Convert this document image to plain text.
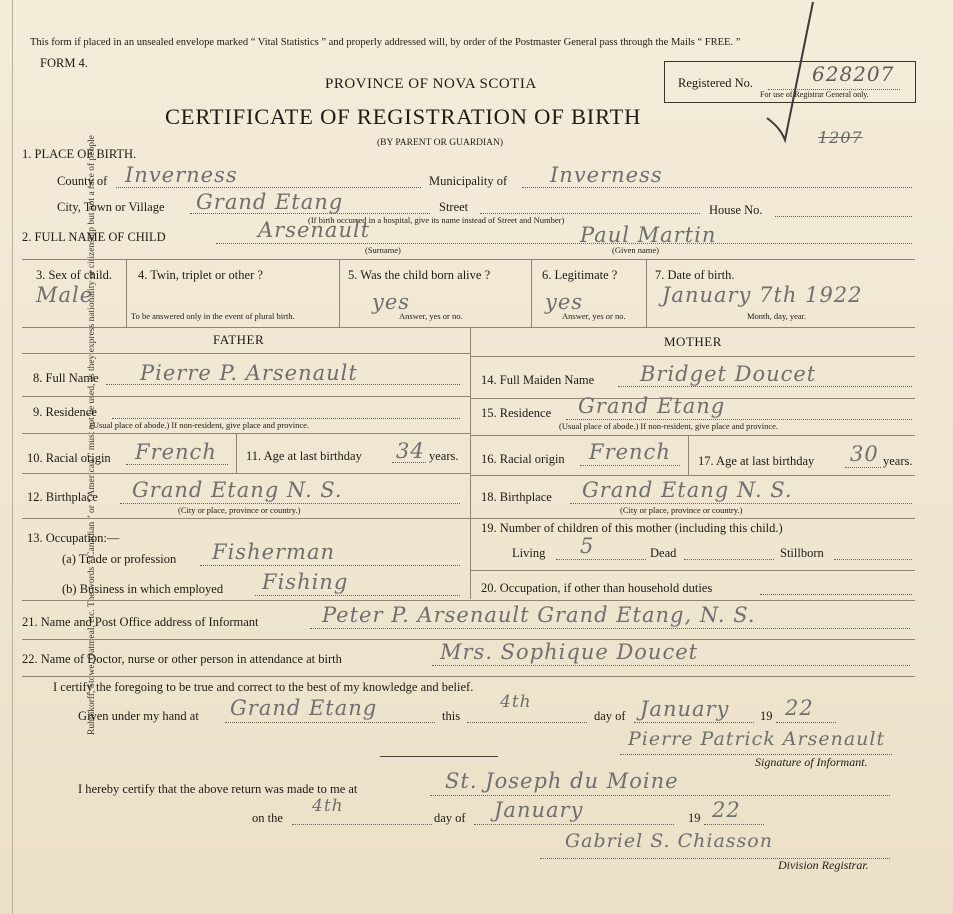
Ruhmkorff, Stowe, Oatmeal, etc. The words “ Canadian ” or “ American ” must not be used, as they express nationality or citizenship but not a race of people
This form if placed in an unsealed envelope marked “ Vital Statistics ” and properly addressed will, by order of the Postmaster General pass through the Mails “ FREE. ”
FORM 4.
PROVINCE OF NOVA SCOTIA
CERTIFICATE OF REGISTRATION OF BIRTH
(BY PARENT OR GUARDIAN)
Registered No.
For use of Registrar General only.
628207
1207
1. PLACE OF BIRTH.
County of Inverness	Municipality of Inverness
City, Town or Village Grand Etang	Street	House No.
(If birth occurred in a hospital, give its name instead of Street and Number)
2. FULL NAME OF CHILD	Arsenault	Paul Martin
(Surname)	(Given name)
3. Sex of child.
Male
4. Twin, triplet or other ?
To be answered only in the event of plural birth.
5. Was the child born alive ?
yes
Answer, yes or no.
6. Legitimate ?
yes
Answer, yes or no.
7. Date of birth.
January 7th 1922
Month, day, year.
FATHER	MOTHER
8. Full Name Pierre P. Arsenault
9. Residence
(Usual place of abode.) If non-resident, give place and province.
10. Racial origin French 11. Age at last birthday 34 years.
12. Birthplace Grand Etang N. S.
(City or place, province or country.)
13. Occupation:—
(a) Trade or profession Fisherman
(b) Business in which employed Fishing
14. Full Maiden Name Bridget Doucet
15. Residence Grand Etang
(Usual place of abode.) If non-resident, give place and province.
16. Racial origin French 17. Age at last birthday 30 years.
18. Birthplace Grand Etang N. S.
(City or place, province or country.)
19. Number of children of this mother (including this child.)
Living 5	Dead	Stillborn
20. Occupation, if other than household duties
21. Name and Post Office address of Informant	Peter P. Arsenault Grand Etang, N. S.
22. Name of Doctor, nurse or other person in attendance at birth	Mrs. Sophique Doucet
I certify the foregoing to be true and correct to the best of my knowledge and belief.
Given under my hand at Grand Etang	this
4th
day of January 19 22
Pierre Patrick Arsenault
Signature of Informant.
I hereby certify that the above return was made to me at	St. Joseph du Moine
on the
4th
day of January	19 22
Gabriel S. Chiasson
Division Registrar.
